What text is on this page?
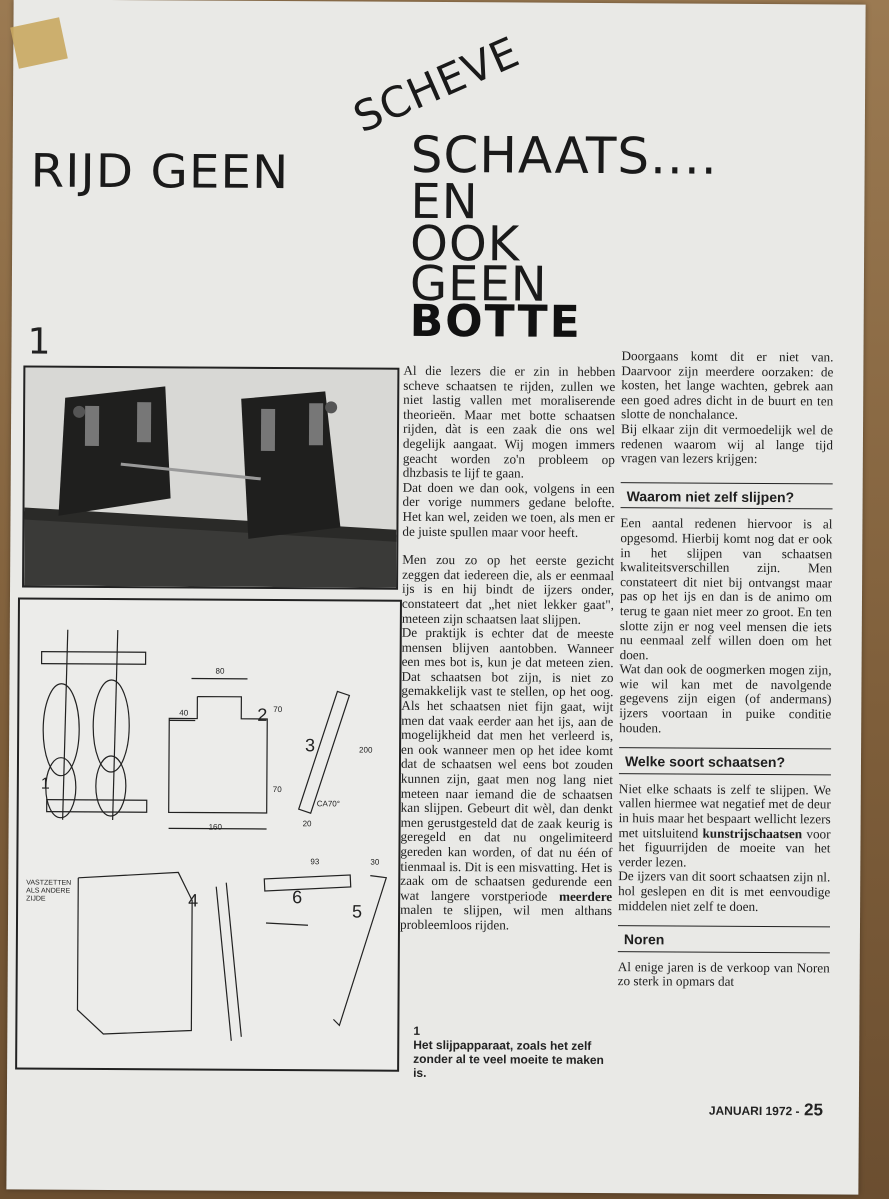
RIJD GEEN
SCHEVE
SCHAATS....
EN
OOK
GEEN
BOTTE
1
1
2
3
4
5
6
80
40	70
70
160
200
20
CA70°
93	30
VASTZETTEN ALS ANDERE ZIJDE

Al die lezers die er zin in hebben scheve schaatsen te rijden, zullen we niet lastig vallen met moraliserende theorieën. Maar met botte schaatsen rijden, dàt is een zaak die ons wel degelijk aangaat. Wij mogen immers geacht worden zo'n probleem op dhzbasis te lijf te gaan.

Dat doen we dan ook, volgens in een der vorige nummers gedane belofte. Het kan wel, zeiden we toen, als men er de juiste spullen maar voor heeft.

Men zou zo op het eerste gezicht zeggen dat iedereen die, als er eenmaal ijs is en hij bindt de ijzers onder, constateert dat „het niet lekker gaat", meteen zijn schaatsen laat slijpen.

De praktijk is echter dat de meeste mensen blijven aantobben. Wanneer een mes bot is, kun je dat meteen zien. Dat schaatsen bot zijn, is niet zo gemakkelijk vast te stellen, op het oog. Als het schaatsen niet fijn gaat, wijt men dat vaak eerder aan het ijs, aan de mogelijkheid dat men het verleerd is, en ook wanneer men op het idee komt dat de schaatsen wel eens bot zouden kunnen zijn, gaat men nog lang niet meteen naar iemand die de schaatsen kan slijpen. Gebeurt dit wèl, dan denkt men gerustgesteld dat de zaak keurig is geregeld en dat nu ongelimiteerd gereden kan worden, of dat nu één of tienmaal is. Dit is een misvatting. Het is zaak om de schaatsen gedurende een wat langere vorstperiode meerdere malen te slijpen, wil men althans probleemloos rijden.

1
Het slijpapparaat, zoals het zelf zonder al te veel moeite te maken is.

Doorgaans komt dit er niet van. Daarvoor zijn meerdere oorzaken: de kosten, het lange wachten, gebrek aan een goed adres dicht in de buurt en ten slotte de nonchalance.

Bij elkaar zijn dit vermoedelijk wel de redenen waarom wij al lange tijd vragen van lezers krijgen:

Waarom niet zelf slijpen?

Een aantal redenen hiervoor is al opgesomd. Hierbij komt nog dat er ook in het slijpen van schaatsen kwaliteitsverschillen zijn. Men constateert dit niet bij ontvangst maar pas op het ijs en dan is de animo om terug te gaan niet meer zo groot. En ten slotte zijn er nog veel mensen die iets nu eenmaal zelf willen doen om het doen.

Wat dan ook de oogmerken mogen zijn, wie wil kan met de navolgende gegevens zijn eigen (of andermans) ijzers voortaan in puike conditie houden.

Welke soort schaatsen?

Niet elke schaats is zelf te slijpen. We vallen hiermee wat negatief met de deur in huis maar het bespaart wellicht lezers met uitsluitend kunstrijschaatsen voor het figuurrijden de moeite van het verder lezen.

De ijzers van dit soort schaatsen zijn nl. hol geslepen en dit is met eenvoudige middelen niet zelf te doen.

Noren

Al enige jaren is de verkoop van Noren zo sterk in opmars dat

JANUARI 1972 - 25
